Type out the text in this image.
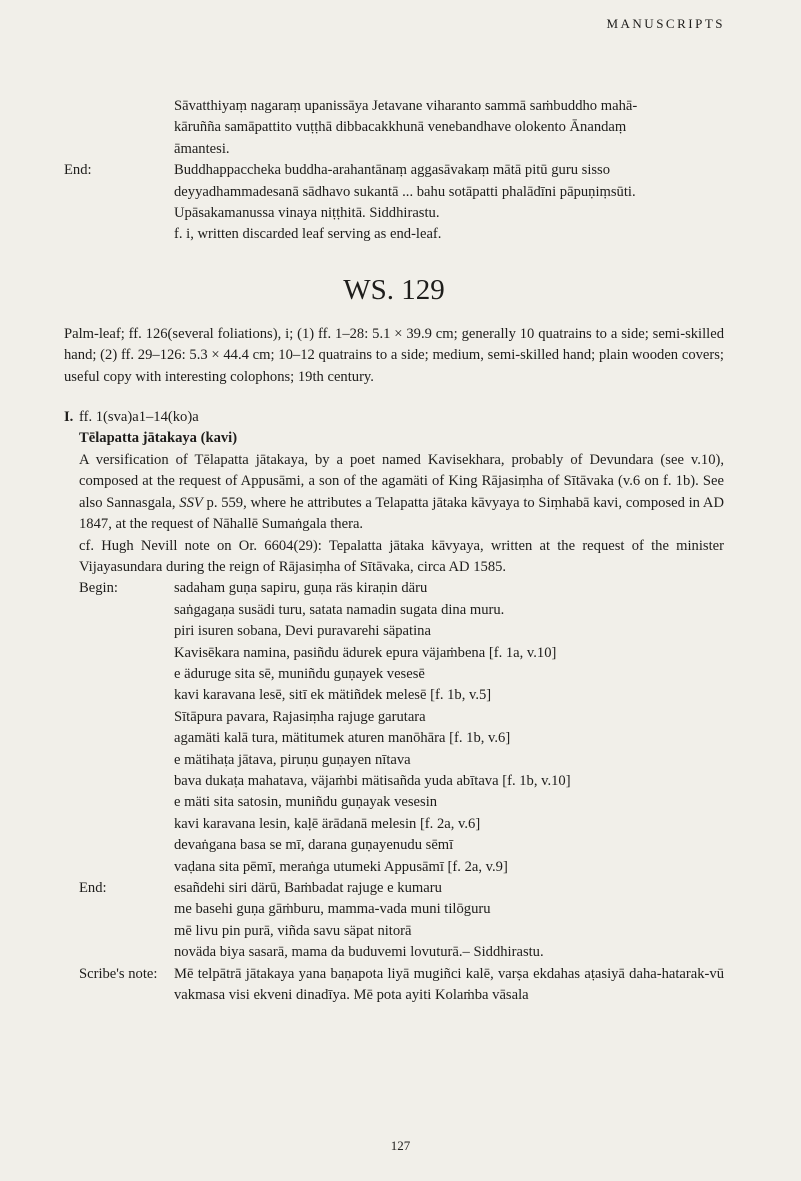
MANUSCRIPTS
Sāvatthiyaṃ nagaraṃ upanissāya Jetavane viharanto sammā saṁbuddho mahā-
kāruñña samāpattito vuṭṭhā dibbacakkhunā venebandhave olokento Ānandaṃ
āmantesi.
End:	Buddhappaccheka buddha-arahantānaṃ aggasāvakaṃ mātā pitū guru sisso
deyyadhammadesanā sādhavo sukantā ... bahu sotāpatti phalādīni pāpuṇiṃsūti.
Upāsakamanussa vinaya niṭṭhitā. Siddhirastu.
f. i, written discarded leaf serving as end-leaf.
WS. 129

Palm-leaf; ff. 126(several foliations), i; (1) ff. 1–28: 5.1 × 39.9 cm; generally 10 quatrains to a side; semi-skilled hand; (2) ff. 29–126: 5.3 × 44.4 cm; 10–12 quatrains to a side; medium, semi-skilled hand; plain wooden covers; useful copy with interesting colophons; 19th century.

I. ff. 1(sva)a1–14(ko)a
Tēlapatta jātakaya (kavi)

A versification of Tēlapatta jātakaya, by a poet named Kavisekhara, probably of Devundara (see v.10), composed at the request of Appusāmi, a son of the agamäti of King Rājasiṃha of Sītāvaka (v.6 on f. 1b). See also Sannasgala, SSV p. 559, where he attributes a Telapatta jātaka kāvyaya to Siṃhabā kavi, composed in AD 1847, at the request of Nāhallē Sumaṅgala thera.

cf. Hugh Nevill note on Or. 6604(29): Tepalatta jātaka kāvyaya, written at the request of the minister Vijayasundara during the reign of Rājasiṃha of Sītāvaka, circa AD 1585.

Begin:	sadaham guṇa sapiru, guṇa räs kiraṇin däru
saṅgagaṇa susädi turu, satata namadin sugata dina muru.
piri isuren sobana, Devi puravarehi säpatina
Kavisēkara namina, pasiñdu ädurek epura väjaṁbena [f. 1a, v.10]
e äduruge sita sē, muniñdu guṇayek vesesē
kavi karavana lesē, sitī ek mätiñdek melesē [f. 1b, v.5]
Sītāpura pavara, Rajasiṃha rajuge garutara
agamäti kalā tura, mätitumek aturen manōhāra [f. 1b, v.6]
e mätihaṭa jātava, piruṇu guṇayen nītava
bava dukaṭa mahatava, väjaṁbi mätisañda yuda abītava [f. 1b, v.10]
e mäti sita satosin, muniñdu guṇayak vesesin
kavi karavana lesin, kaḷē ärādanā melesin [f. 2a, v.6]
devaṅgana basa se mī, darana guṇayenudu sēmī
vaḍana sita pēmī, meraṅga utumeki Appusāmī [f. 2a, v.9]
End:	esañdehi siri därū, Baṁbadat rajuge e kumaru
me basehi guṇa gāṁburu, mamma-vada muni tilōguru
mē livu pin purā, viñda savu säpat nitorā
noväda biya sasarā, mama da buduvemi lovuturā.– Siddhirastu.
Scribe's note:	Mē telpātrā jātakaya yana baṇapota liyā mugiñci kalē, varṣa ekdahas aṭasiyā daha-hatarak-vū vakmasa visi ekveni dinadīya. Mē pota ayiti Kolaṁba vāsala
127
